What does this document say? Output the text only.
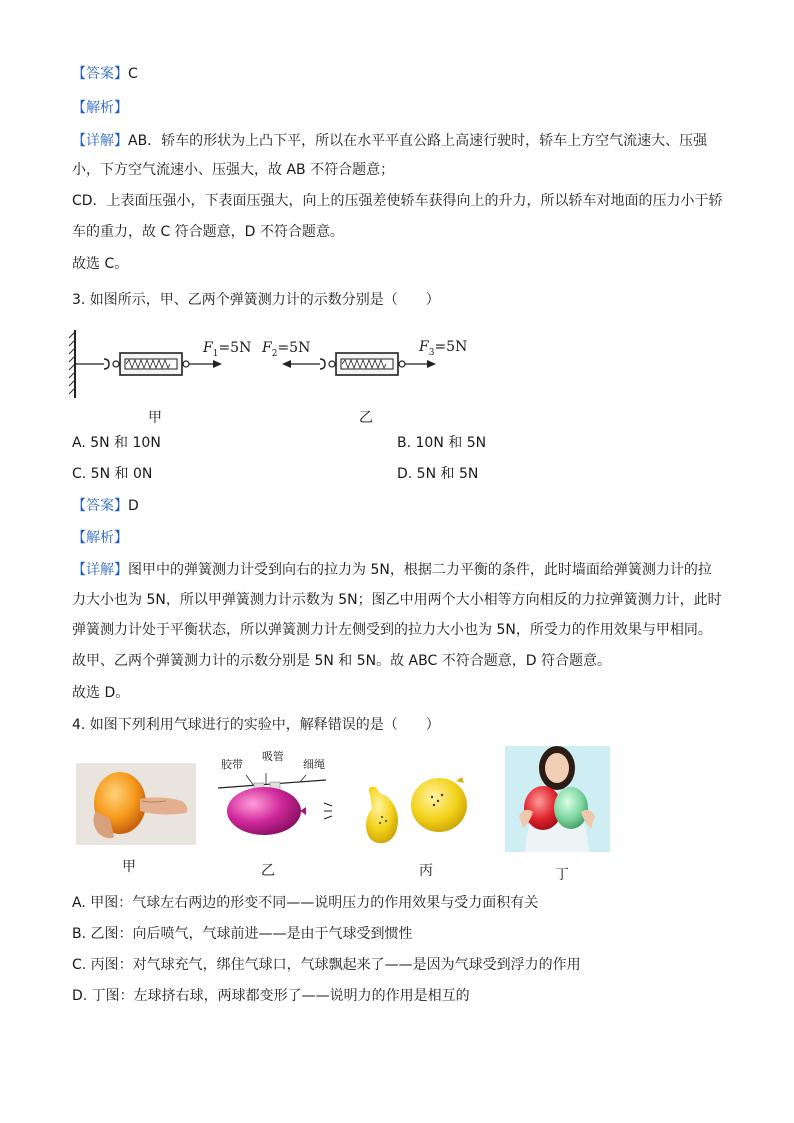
【答案】C
【解析】
【详解】AB．轿车的形状为上凸下平，所以在水平平直公路上高速行驶时，轿车上方空气流速大、压强
小，下方空气流速小、压强大，故 AB 不符合题意；
CD．上表面压强小，下表面压强大，向上的压强差使轿车获得向上的升力，所以轿车对地面的压力小于轿
车的重力，故 C 符合题意，D 不符合题意。
故选 C。
3. 如图所示，甲、乙两个弹簧测力计的示数分别是（　　）
$F_1=5N$ $F_2=5N$	$F_3=5N$
甲	乙
A. 5N 和 10N	B. 10N 和 5N
C. 5N 和 0N	D. 5N 和 5N
【答案】D
【解析】
【详解】图甲中的弹簧测力计受到向右的拉力为 5N，根据二力平衡的条件，此时墙面给弹簧测力计的拉
力大小也为 5N，所以甲弹簧测力计示数为 5N；图乙中用两个大小相等方向相反的力拉弹簧测力计，此时
弹簧测力计处于平衡状态，所以弹簧测力计左侧受到的拉力大小也为 5N，所受力的作用效果与甲相同。
故甲、乙两个弹簧测力计的示数分别是 5N 和 5N。故 ABC 不符合题意，D 符合题意。
故选 D。
4. 如图下列利用气球进行的实验中，解释错误的是（　　）
胶带
吸管
细绳
甲	乙	丙	丁
A. 甲图：气球左右两边的形变不同——说明压力的作用效果与受力面积有关
B. 乙图：向后喷气，气球前进——是由于气球受到惯性
C. 丙图：对气球充气，绑住气球口，气球飘起来了——是因为气球受到浮力的作用
D. 丁图：左球挤右球，两球都变形了——说明力的作用是相互的
